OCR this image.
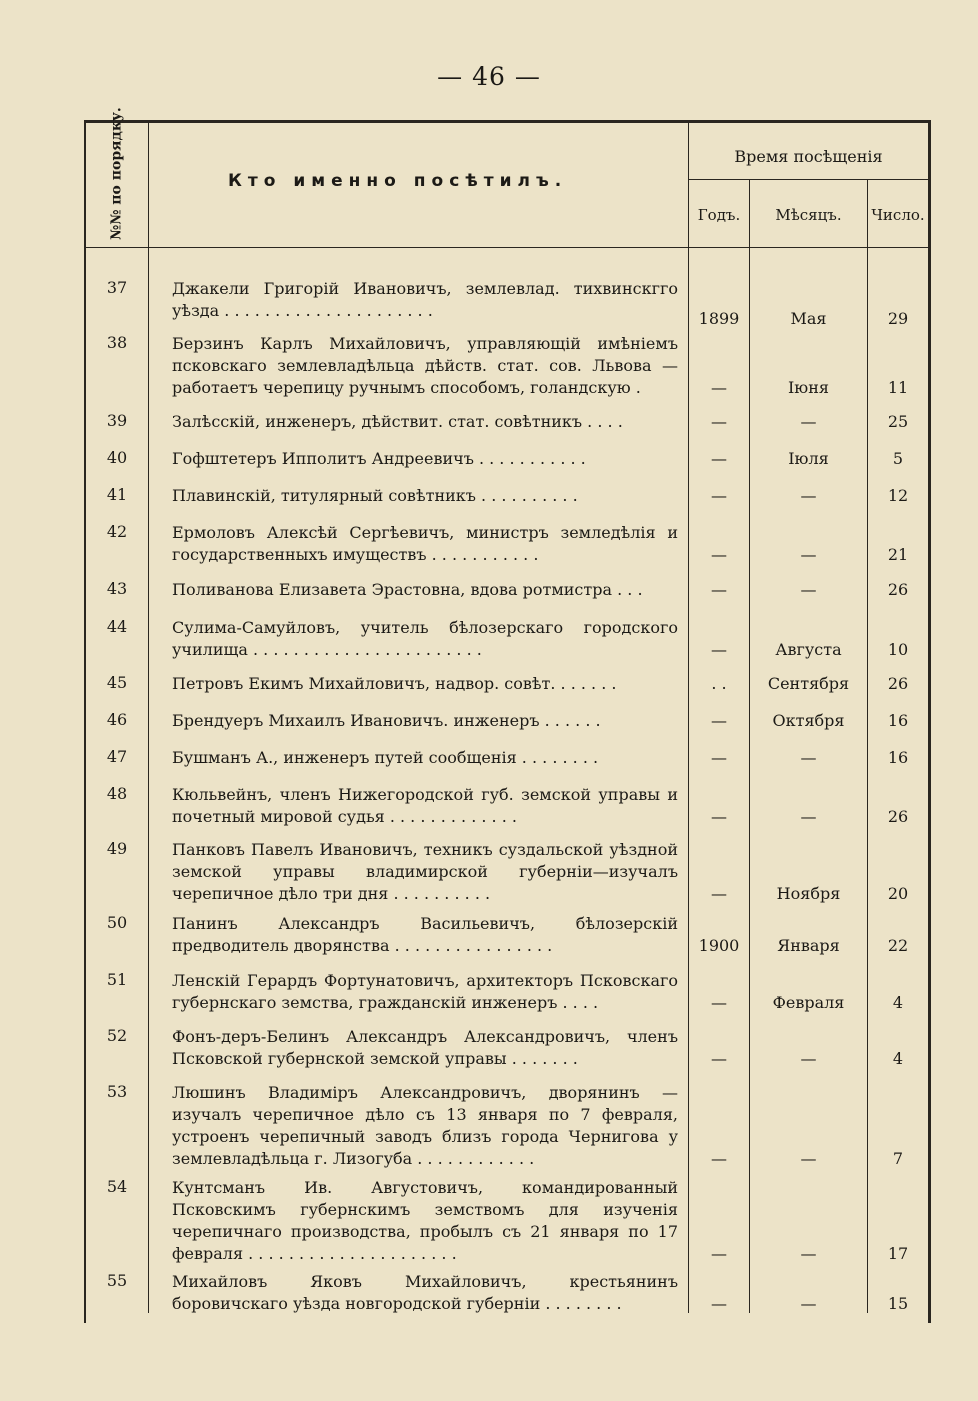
— 46 —
№№ по порядку.	Кто именно посѣтилъ.
Время посѣщенія
Годъ.	Мѣсяцъ.	Число.
37	Джакели Григорій Ивановичъ, землевлад. тихвинскгго уѣзда . . . . . . . . . . . . . . . . . . . . .	1899	Мая	29
38	Берзинъ Карлъ Михайловичъ, управляющій имѣніемъ псковскаго землевладѣльца дѣйств. стат. сов. Львова — работаетъ черепицу ручнымъ способомъ, голандскую .	—	Іюня	11
39	Залѣсскій, инженеръ, дѣйствит. стат. совѣтникъ . . . .	—	—	25
40	Гофштетеръ Ипполитъ Андреевичъ . . . . . . . . . . .	—	Іюля	5
41	Плавинскій, титулярный совѣтникъ . . . . . . . . . .	—	—	12
42	Ермоловъ Алексѣй Сергѣевичъ, министръ земледѣлія и государственныхъ имуществъ . . . . . . . . . . .	—	—	21
43	Поливанова Елизавета Эрастовна, вдова ротмистра . . .	—	—	26
44	Сулима-Самуйловъ, учитель бѣлозерскаго городского училища . . . . . . . . . . . . . . . . . . . . . . .	—	Августа	10
45	Петровъ Екимъ Михайловичъ, надвор. совѣт. . . . . . .	. .	Сентября	26
46	Брендуеръ Михаилъ Ивановичъ. инженеръ . . . . . .	—	Октября	16
47	Бушманъ А., инженеръ путей сообщенія . . . . . . . .	—	—	16
48	Кюльвейнъ, членъ Нижегородской губ. земской управы и почетный мировой судья . . . . . . . . . . . . .	—	—	26
49	Панковъ Павелъ Ивановичъ, техникъ суздальской уѣздной земской управы владимирской губерніи—изучалъ черепичное дѣло три дня . . . . . . . . . .	—	Ноября	20
50	Панинъ Александръ Васильевичъ, бѣлозерскій предводитель дворянства . . . . . . . . . . . . . . . .	1900	Января	22
51	Ленскій Герардъ Фортунатовичъ, архитекторъ Псковскаго губернскаго земства, гражданскій инженеръ . . . .	—	Февраля	4
52	Фонъ-деръ-Белинъ Александръ Александровичъ, членъ Псковской губернской земской управы . . . . . . .	—	—	4
53	Люшинъ Владиміръ Александровичъ, дворянинъ —изучалъ черепичное дѣло съ 13 января по 7 февраля, устроенъ черепичный заводъ близъ города Чернигова у землевладѣльца г. Лизогуба . . . . . . . . . . . .	—	—	7
54	Кунтсманъ Ив. Августовичъ, командированный Псковскимъ губернскимъ земствомъ для изученія черепичнаго производства, пробылъ съ 21 января по 17 февраля . . . . . . . . . . . . . . . . . . . . .	—	—	17
55	Михайловъ Яковъ Михайловичъ, крестьянинъ боровичскаго уѣзда новгородской губерніи . . . . . . . .	—	—	15
